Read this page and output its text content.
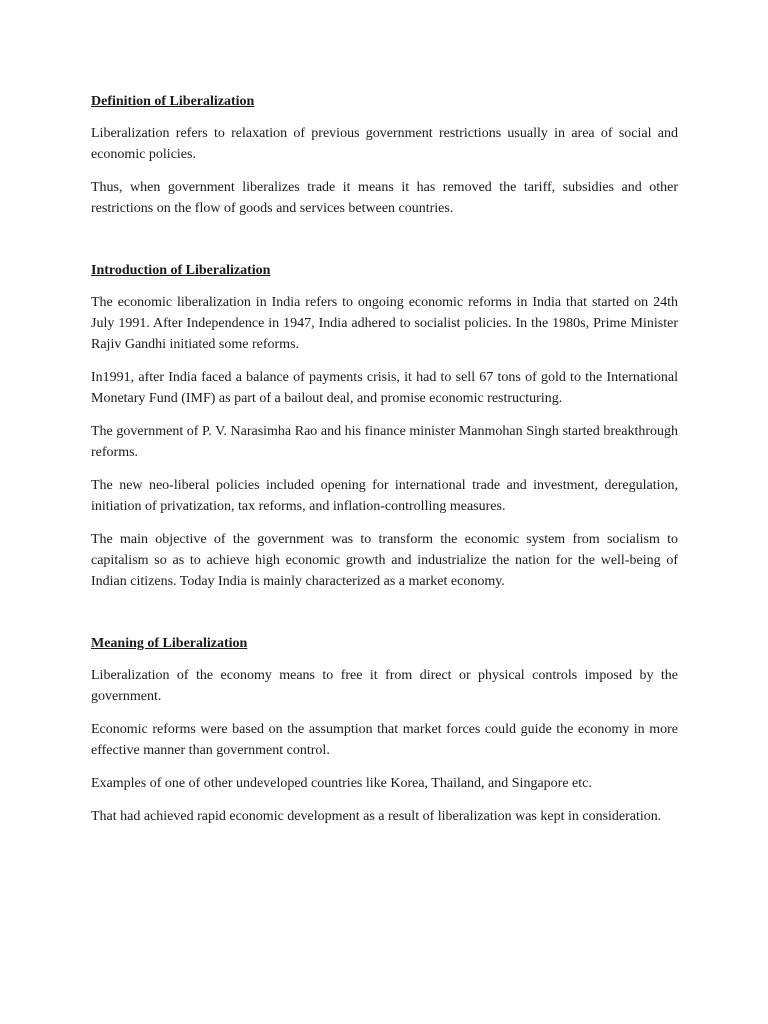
Definition of Liberalization

Liberalization refers to relaxation of previous government restrictions usually in area of social and economic policies.

Thus, when government liberalizes trade it means it has removed the tariff, subsidies and other restrictions on the flow of goods and services between countries.

Introduction of Liberalization

The economic liberalization in India refers to ongoing economic reforms in India that started on 24th July 1991. After Independence in 1947, India adhered to socialist policies. In the 1980s, Prime Minister Rajiv Gandhi initiated some reforms.

In1991, after India faced a balance of payments crisis, it had to sell 67 tons of gold to the International Monetary Fund (IMF) as part of a bailout deal, and promise economic restructuring.

The government of P. V. Narasimha Rao and his finance minister Manmohan Singh started breakthrough reforms.

The new neo-liberal policies included opening for international trade and investment, deregulation, initiation of privatization, tax reforms, and inflation-controlling measures.

The main objective of the government was to transform the economic system from socialism to capitalism so as to achieve high economic growth and industrialize the nation for the well-being of Indian citizens. Today India is mainly characterized as a market economy.

Meaning of Liberalization

Liberalization of the economy means to free it from direct or physical controls imposed by the government.

Economic reforms were based on the assumption that market forces could guide the economy in more effective manner than government control.

Examples of one of other undeveloped countries like Korea, Thailand, and Singapore etc.

That had achieved rapid economic development as a result of liberalization was kept in consideration.
